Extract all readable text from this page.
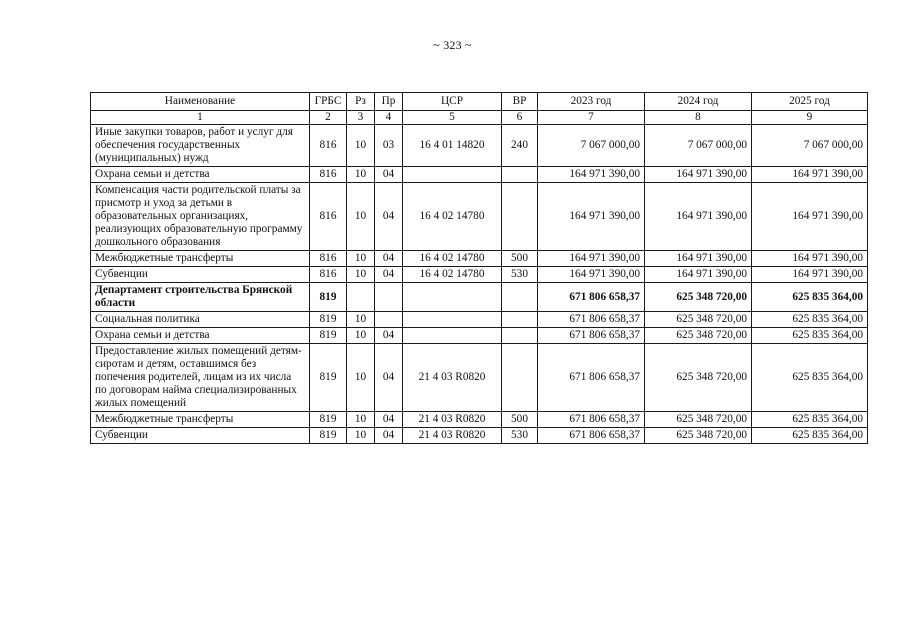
~ 323 ~
Наименование	ГРБС	Рз	Пр	ЦСР	ВР	2023 год	2024 год	2025 год
1	2	3	4	5	6	7	8	9
Иные закупки товаров, работ и услуг для обеспечения государственных (муниципальных) нужд	816	10	03	16 4 01 14820	240	7 067 000,00	7 067 000,00	7 067 000,00
Охрана семьи и детства	816	10	04			164 971 390,00	164 971 390,00	164 971 390,00
Компенсация части родительской платы за присмотр и уход за детьми в образовательных организациях, реализующих образовательную программу дошкольного образования	816	10	04	16 4 02 14780		164 971 390,00	164 971 390,00	164 971 390,00
Межбюджетные трансферты	816	10	04	16 4 02 14780	500	164 971 390,00	164 971 390,00	164 971 390,00
Субвенции	816	10	04	16 4 02 14780	530	164 971 390,00	164 971 390,00	164 971 390,00
Департамент строительства Брянской области	819					671 806 658,37	625 348 720,00	625 835 364,00
Социальная политика	819	10				671 806 658,37	625 348 720,00	625 835 364,00
Охрана семьи и детства	819	10	04			671 806 658,37	625 348 720,00	625 835 364,00
Предоставление жилых помещений детям-сиротам и детям, оставшимся без попечения родителей, лицам из их числа по договорам найма специализированных жилых помещений	819	10	04	21 4 03 R0820		671 806 658,37	625 348 720,00	625 835 364,00
Межбюджетные трансферты	819	10	04	21 4 03 R0820	500	671 806 658,37	625 348 720,00	625 835 364,00
Субвенции	819	10	04	21 4 03 R0820	530	671 806 658,37	625 348 720,00	625 835 364,00
